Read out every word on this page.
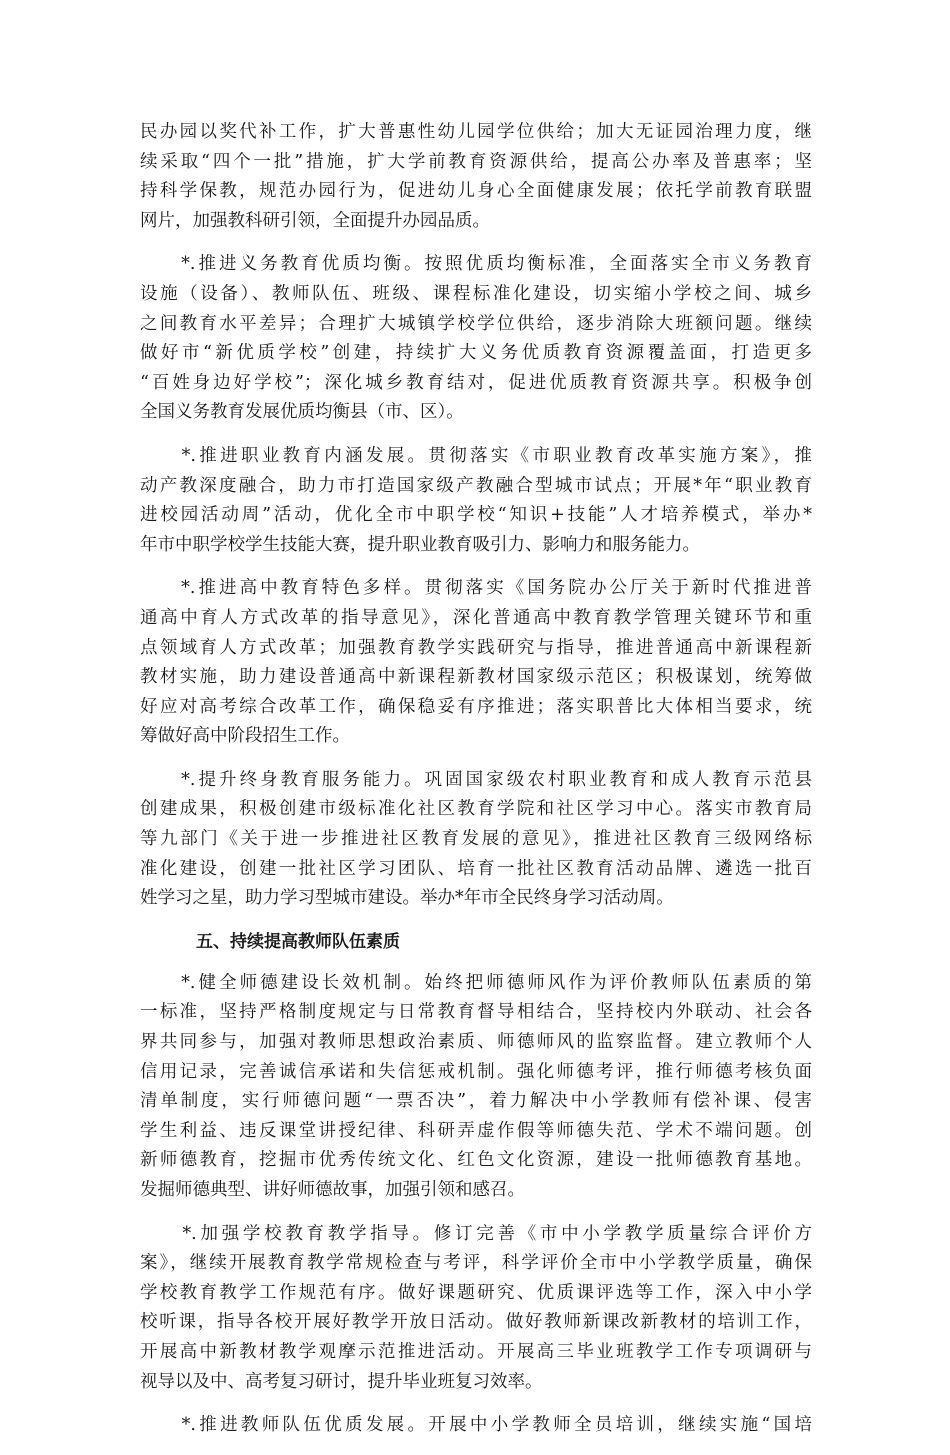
民办园以奖代补工作，扩大普惠性幼儿园学位供给；加大无证园治理力度，继
续采取“四个一批”措施，扩大学前教育资源供给，提高公办率及普惠率；坚
持科学保教，规范办园行为，促进幼儿身心全面健康发展；依托学前教育联盟
网片，加强教科研引领，全面提升办园品质。
　　*.推进义务教育优质均衡。按照优质均衡标准，全面落实全市义务教育
设施（设备）、教师队伍、班级、课程标准化建设，切实缩小学校之间、城乡
之间教育水平差异；合理扩大城镇学校学位供给，逐步消除大班额问题。继续
做好市“新优质学校”创建，持续扩大义务优质教育资源覆盖面，打造更多
“百姓身边好学校”；深化城乡教育结对，促进优质教育资源共享。积极争创
全国义务教育发展优质均衡县（市、区）。
　　*.推进职业教育内涵发展。贯彻落实《市职业教育改革实施方案》，推
动产教深度融合，助力市打造国家级产教融合型城市试点；开展*年“职业教育
进校园活动周”活动，优化全市中职学校“知识+技能”人才培养模式，举办*
年市中职学校学生技能大赛，提升职业教育吸引力、影响力和服务能力。
　　*.推进高中教育特色多样。贯彻落实《国务院办公厅关于新时代推进普
通高中育人方式改革的指导意见》，深化普通高中教育教学管理关键环节和重
点领域育人方式改革；加强教育教学实践研究与指导，推进普通高中新课程新
教材实施，助力建设普通高中新课程新教材国家级示范区；积极谋划，统筹做
好应对高考综合改革工作，确保稳妥有序推进；落实职普比大体相当要求，统
筹做好高中阶段招生工作。
　　*.提升终身教育服务能力。巩固国家级农村职业教育和成人教育示范县
创建成果，积极创建市级标准化社区教育学院和社区学习中心。落实市教育局
等九部门《关于进一步推进社区教育发展的意见》，推进社区教育三级网络标
准化建设，创建一批社区学习团队、培育一批社区教育活动品牌、遴选一批百
姓学习之星，助力学习型城市建设。举办*年市全民终身学习活动周。
五、持续提高教师队伍素质
　　*.健全师德建设长效机制。始终把师德师风作为评价教师队伍素质的第
一标准，坚持严格制度规定与日常教育督导相结合，坚持校内外联动、社会各
界共同参与，加强对教师思想政治素质、师德师风的监察监督。建立教师个人
信用记录，完善诚信承诺和失信惩戒机制。强化师德考评，推行师德考核负面
清单制度，实行师德问题“一票否决”，着力解决中小学教师有偿补课、侵害
学生利益、违反课堂讲授纪律、科研弄虚作假等师德失范、学术不端问题。创
新师德教育，挖掘市优秀传统文化、红色文化资源，建设一批师德教育基地。
发掘师德典型、讲好师德故事，加强引领和感召。
　　*.加强学校教育教学指导。修订完善《市中小学教学质量综合评价方
案》，继续开展教育教学常规检查与考评，科学评价全市中小学教学质量，确保
学校教育教学工作规范有序。做好课题研究、优质课评选等工作，深入中小学
校听课，指导各校开展好教学开放日活动。做好教师新课改新教材的培训工作，
开展高中新教材教学观摩示范推进活动。开展高三毕业班教学工作专项调研与
视导以及中、高考复习研讨，提升毕业班复习效率。
　　*.推进教师队伍优质发展。开展中小学教师全员培训，继续实施“国培
